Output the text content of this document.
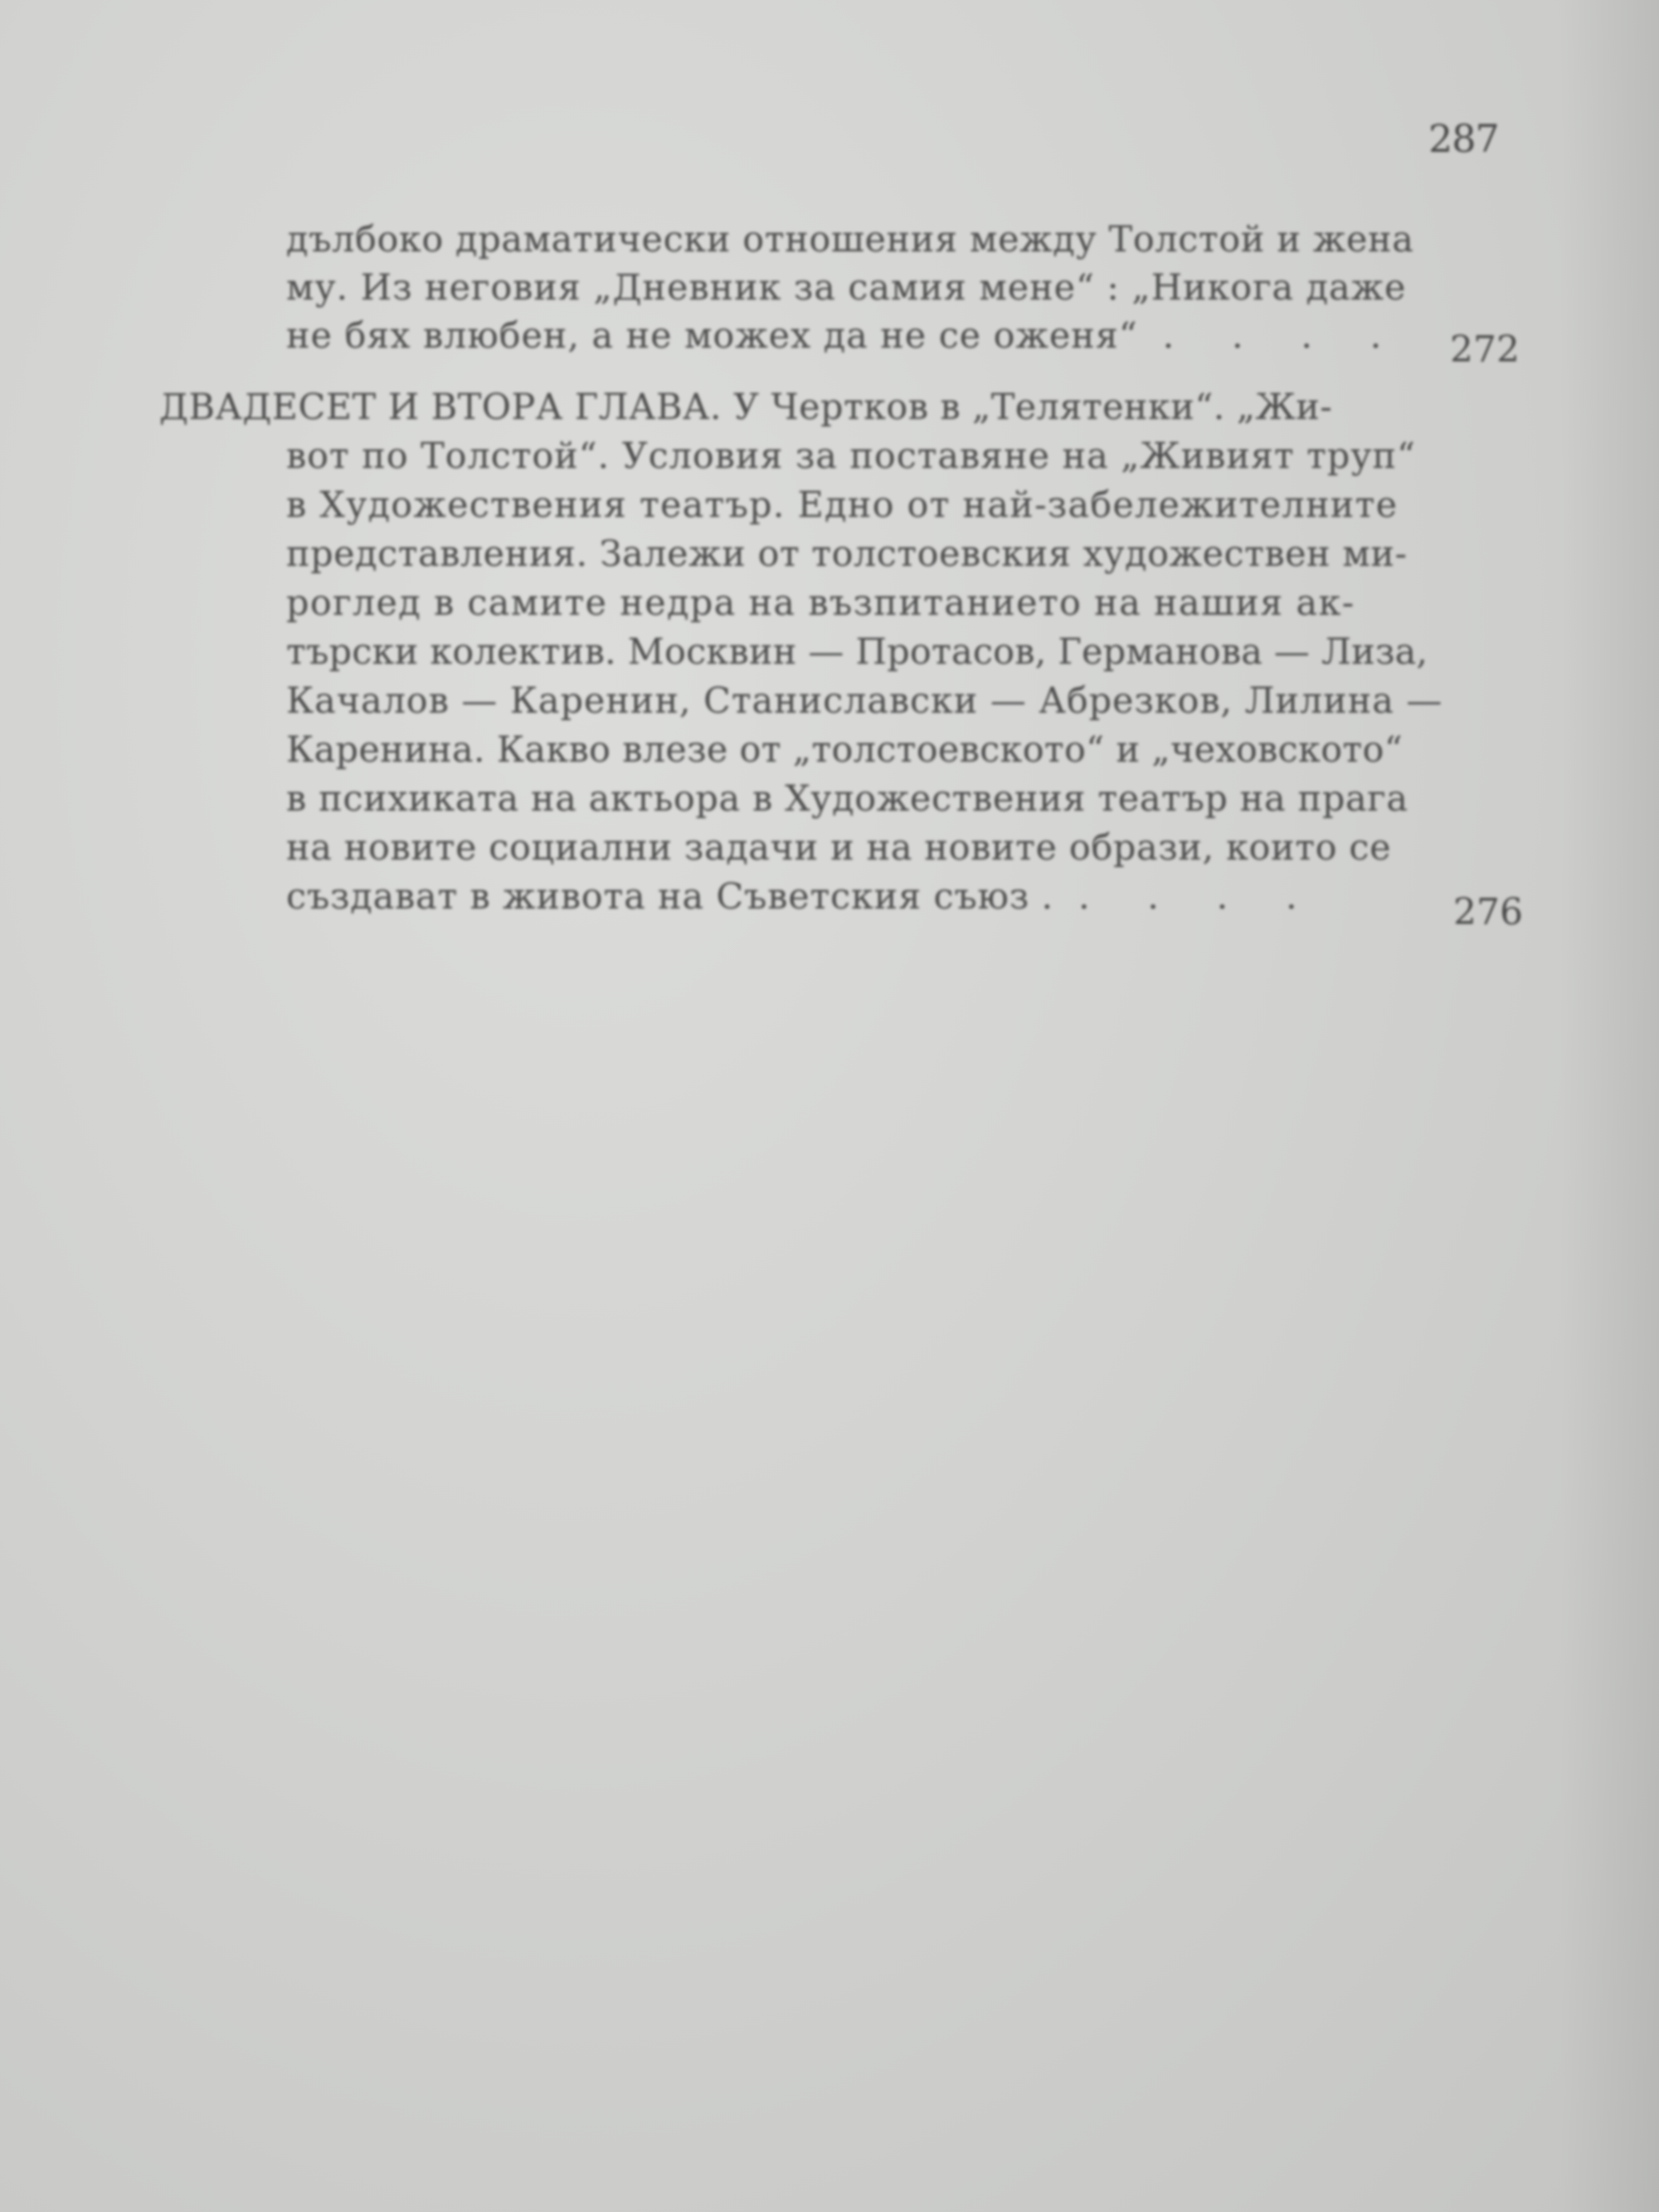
287
дълбоко драматически отношения между Толстой и жена
му. Из неговия „Дневник за самия мене“ : „Никога даже
не бях влюбен, а не можех да не се оженя“ . . . . 272
ДВАДЕСЕТ И ВТОРА ГЛАВА. У Чертков в „Телятенки“. „Жи-
вот по Толстой“. Условия за поставяне на „Живият труп“
в Художествения театър. Едно от най-забележителните
представления. Залежи от толстоевския художествен ми-
роглед в самите недра на възпитанието на нашия ак-
търски колектив. Москвин — Протасов, Германова — Лиза,
Качалов — Каренин, Станиславски — Абрезков, Лилина —
Каренина. Какво влезе от „толстоевското“ и „чеховското“
в психиката на актьора в Художествения театър на прага
на новите социални задачи и на новите образи, които се
създават в живота на Съветския съюз . . . . .	276
